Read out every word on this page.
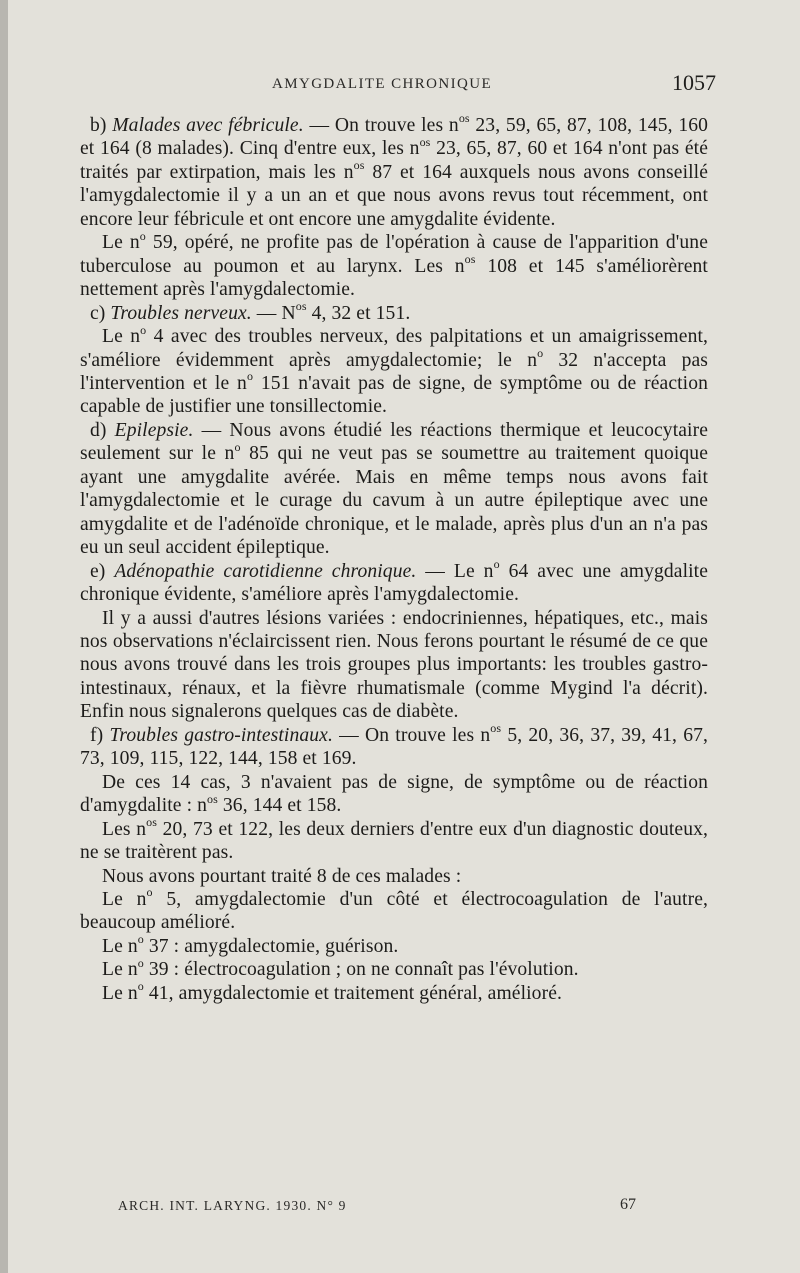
AMYGDALITE CHRONIQUE	1057

b) Malades avec fébricule. — On trouve les $n^{os}$ 23, 59, 65, 87, 108, 145, 160 et 164 (8 malades). Cinq d'entre eux, les $n^{os}$ 23, 65, 87, 60 et 164 n'ont pas été traités par extirpation, mais les $n^{os}$ 87 et 164 auxquels nous avons conseillé l'amygdalectomie il y a un an et que nous avons revus tout récemment, ont encore leur fébricule et ont encore une amygdalite évidente.

Le $n^o$ 59, opéré, ne profite pas de l'opération à cause de l'apparition d'une tuberculose au poumon et au larynx. Les $n^{os}$ 108 et 145 s'améliorèrent nettement après l'amygdalectomie.

c) Troubles nerveux. — $N^{os}$ 4, 32 et 151.

Le $n^o$ 4 avec des troubles nerveux, des palpitations et un amaigrissement, s'améliore évidemment après amygdalectomie; le $n^o$ 32 n'accepta pas l'intervention et le $n^o$ 151 n'avait pas de signe, de symptôme ou de réaction capable de justifier une tonsillectomie.

d) Epilepsie. — Nous avons étudié les réactions thermique et leucocytaire seulement sur le $n^o$ 85 qui ne veut pas se soumettre au traitement quoique ayant une amygdalite avérée. Mais en même temps nous avons fait l'amygdalectomie et le curage du cavum à un autre épileptique avec une amygdalite et de l'adénoïde chronique, et le malade, après plus d'un an n'a pas eu un seul accident épileptique.

e) Adénopathie carotidienne chronique. — Le $n^o$ 64 avec une amygdalite chronique évidente, s'améliore après l'amygdalectomie.

Il y a aussi d'autres lésions variées : endocriniennes, hépatiques, etc., mais nos observations n'éclaircissent rien. Nous ferons pourtant le résumé de ce que nous avons trouvé dans les trois groupes plus importants: les troubles gastro-intestinaux, rénaux, et la fièvre rhumatismale (comme Mygind l'a décrit). Enfin nous signalerons quelques cas de diabète.

f) Troubles gastro-intestinaux. — On trouve les $n^{os}$ 5, 20, 36, 37, 39, 41, 67, 73, 109, 115, 122, 144, 158 et 169.

De ces 14 cas, 3 n'avaient pas de signe, de symptôme ou de réaction d'amygdalite : $n^{os}$ 36, 144 et 158.

Les $n^{os}$ 20, 73 et 122, les deux derniers d'entre eux d'un diagnostic douteux, ne se traitèrent pas.

Nous avons pourtant traité 8 de ces malades :

Le $n^o$ 5, amygdalectomie d'un côté et électrocoagulation de l'autre, beaucoup amélioré.

Le $n^o$ 37 : amygdalectomie, guérison.

Le $n^o$ 39 : électrocoagulation ; on ne connaît pas l'évolution.

Le $n^o$ 41, amygdalectomie et traitement général, amélioré.

ARCH. INT. LARYNG. 1930. N° 9	67
